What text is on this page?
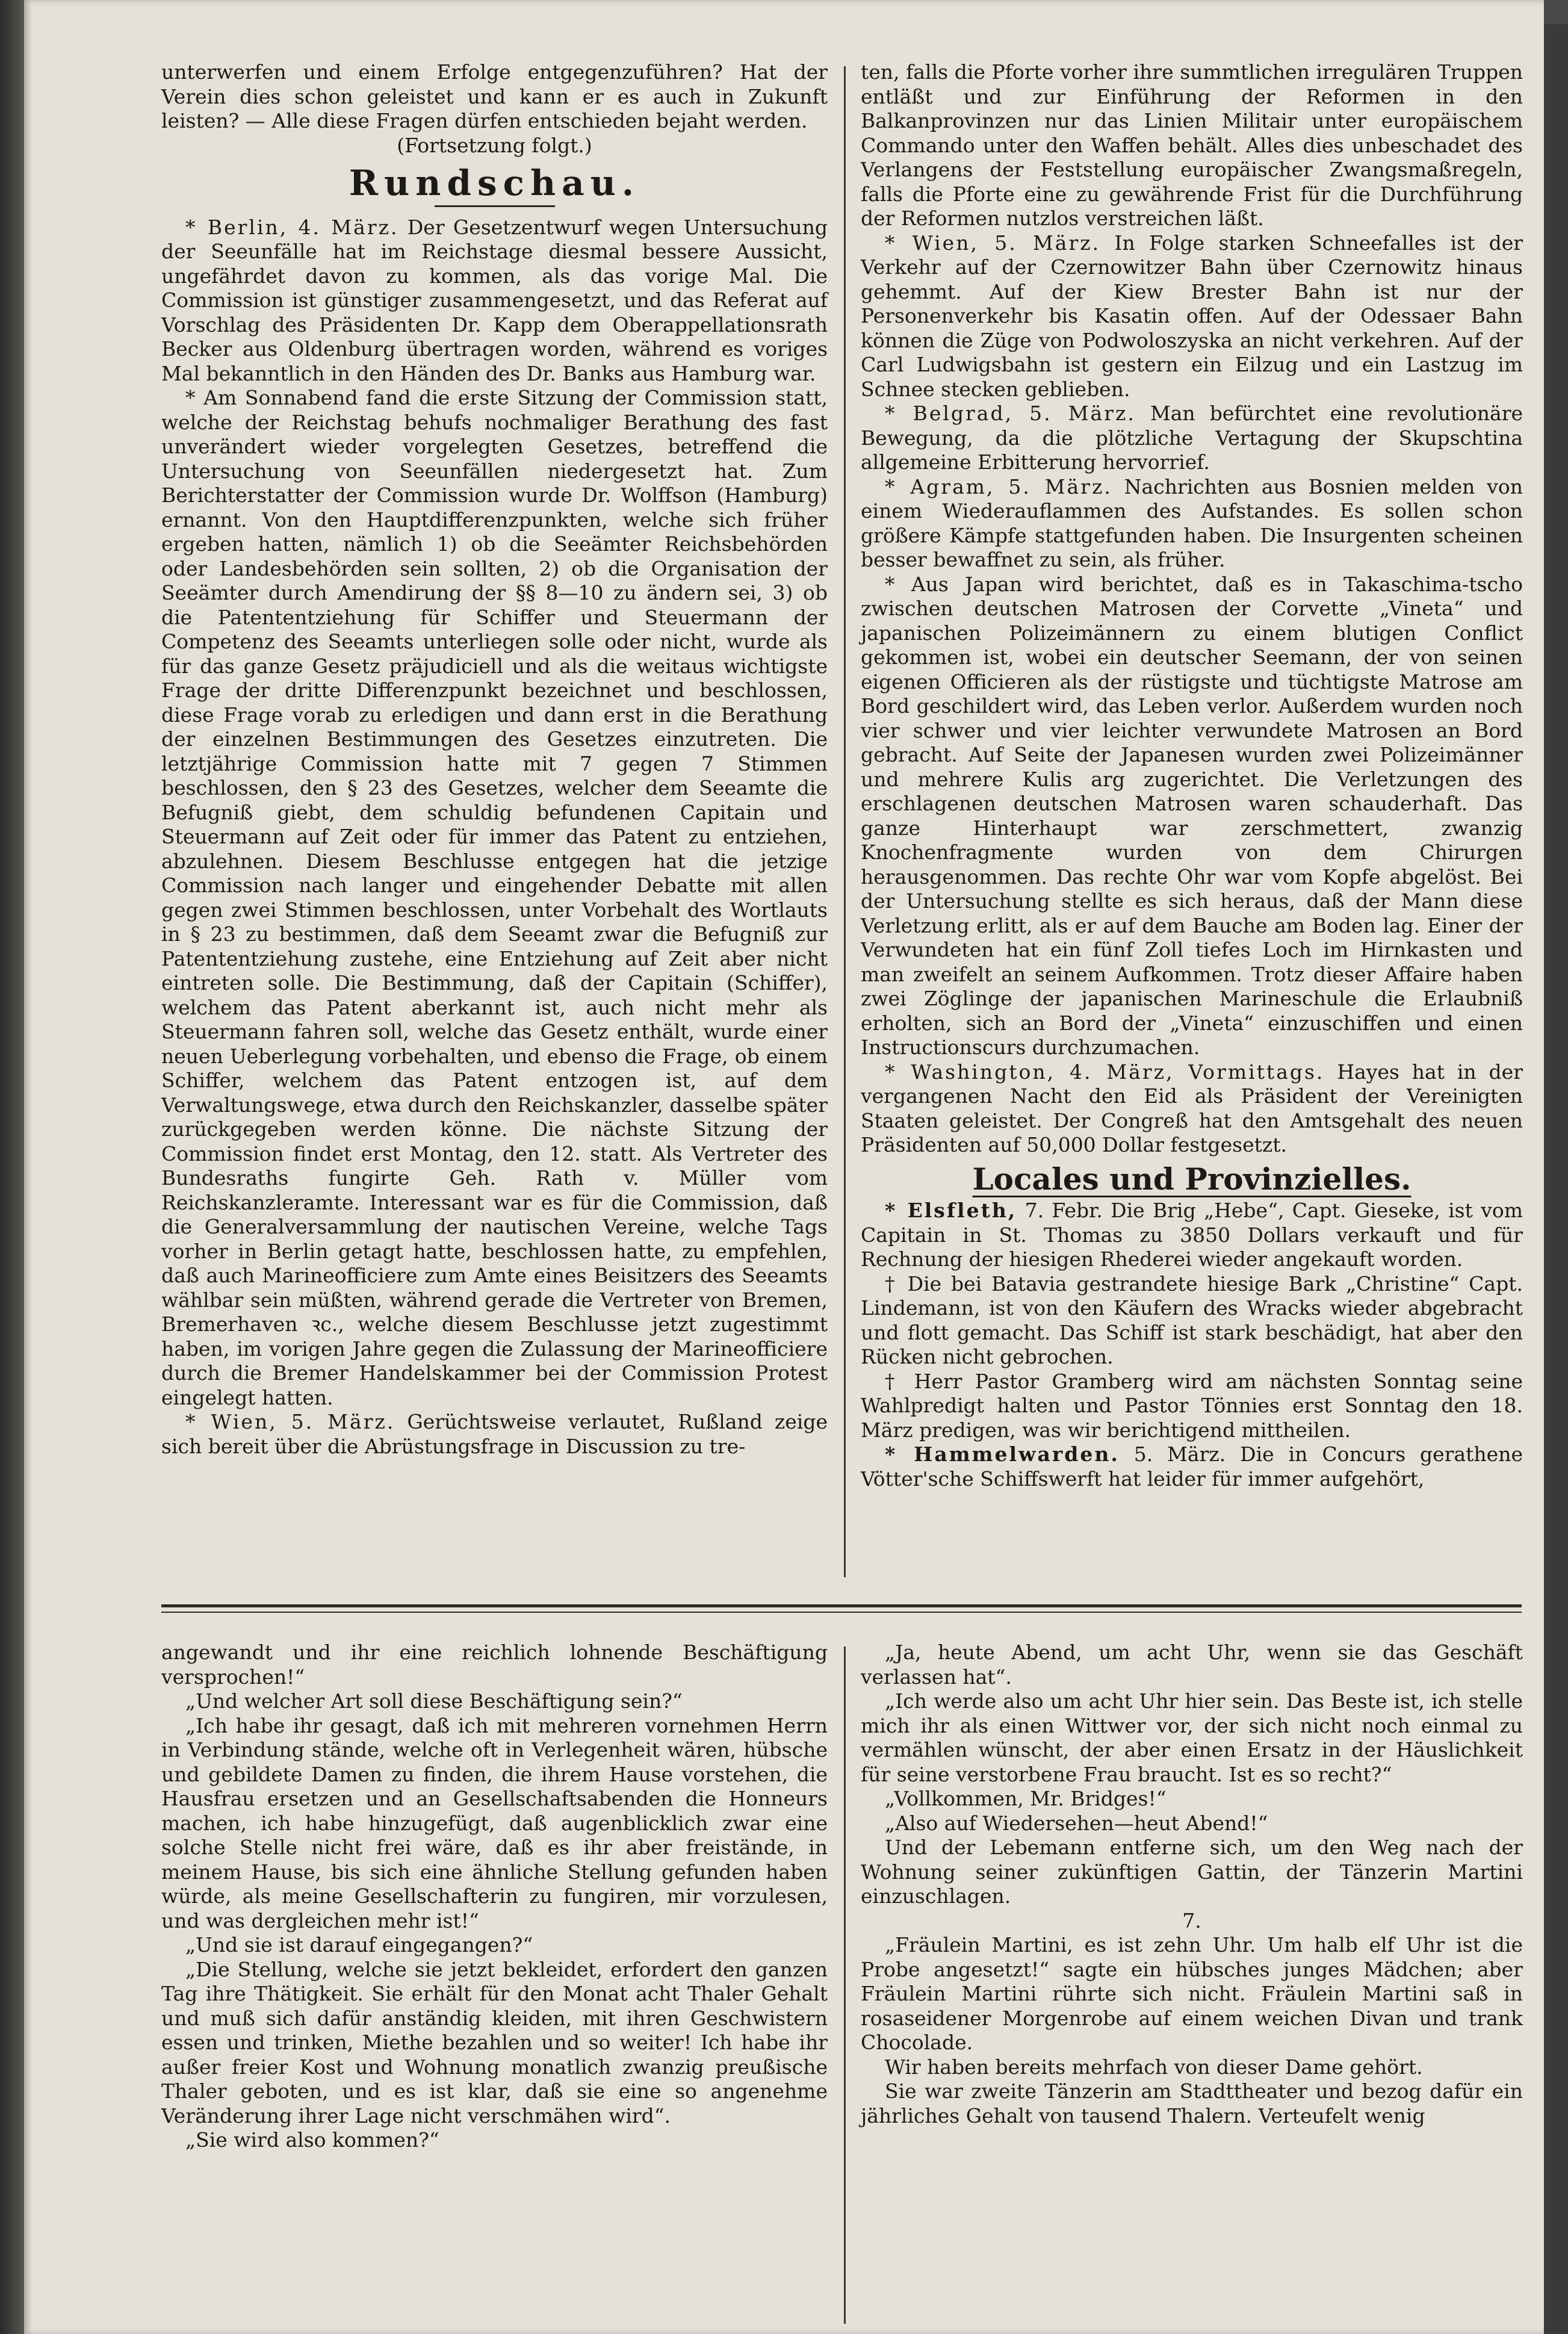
unterwerfen und einem Erfolge entgegenzuführen? Hat der Verein dies schon geleistet und kann er es auch in Zukunft leisten? — Alle diese Fragen dürfen entschieden bejaht werden.

(Fortsetzung folgt.)

Rundschau.

* Berlin, 4. März. Der Gesetzentwurf wegen Untersuchung der Seeunfälle hat im Reichstage diesmal bessere Aussicht, ungefährdet davon zu kommen, als das vorige Mal. Die Commission ist günstiger zusammengesetzt, und das Referat auf Vorschlag des Präsidenten Dr. Kapp dem Oberappellationsrath Becker aus Oldenburg übertragen worden, während es voriges Mal bekanntlich in den Händen des Dr. Banks aus Hamburg war.

* Am Sonnabend fand die erste Sitzung der Commission statt, welche der Reichstag behufs nochmaliger Berathung des fast unverändert wieder vorgelegten Gesetzes, betreffend die Untersuchung von Seeunfällen niedergesetzt hat. Zum Berichterstatter der Commission wurde Dr. Wolffson (Hamburg) ernannt. Von den Hauptdifferenzpunkten, welche sich früher ergeben hatten, nämlich 1) ob die Seeämter Reichsbehörden oder Landesbehörden sein sollten, 2) ob die Organisation der Seeämter durch Amendirung der §§ 8—10 zu ändern sei, 3) ob die Patententziehung für Schiffer und Steuermann der Competenz des Seeamts unterliegen solle oder nicht, wurde als für das ganze Gesetz präjudiciell und als die weitaus wichtigste Frage der dritte Differenzpunkt bezeichnet und beschlossen, diese Frage vorab zu erledigen und dann erst in die Berathung der einzelnen Bestimmungen des Gesetzes einzutreten. Die letztjährige Commission hatte mit 7 gegen 7 Stimmen beschlossen, den § 23 des Gesetzes, welcher dem Seeamte die Befugniß giebt, dem schuldig befundenen Capitain und Steuermann auf Zeit oder für immer das Patent zu entziehen, abzulehnen. Diesem Beschlusse entgegen hat die jetzige Commission nach langer und eingehender Debatte mit allen gegen zwei Stimmen beschlossen, unter Vorbehalt des Wortlauts in § 23 zu bestimmen, daß dem Seeamt zwar die Befugniß zur Patententziehung zustehe, eine Entziehung auf Zeit aber nicht eintreten solle. Die Bestimmung, daß der Capitain (Schiffer), welchem das Patent aberkannt ist, auch nicht mehr als Steuermann fahren soll, welche das Gesetz enthält, wurde einer neuen Ueberlegung vorbehalten, und ebenso die Frage, ob einem Schiffer, welchem das Patent entzogen ist, auf dem Verwaltungswege, etwa durch den Reichskanzler, dasselbe später zurückgegeben werden könne. Die nächste Sitzung der Commission findet erst Montag, den 12. statt. Als Vertreter des Bundesraths fungirte Geh. Rath v. Müller vom Reichskanzleramte. Interessant war es für die Commission, daß die Generalversammlung der nautischen Vereine, welche Tags vorher in Berlin getagt hatte, beschlossen hatte, zu empfehlen, daß auch Marineofficiere zum Amte eines Beisitzers des Seeamts wählbar sein müßten, während gerade die Vertreter von Bremen, Bremerhaven ꝛc., welche diesem Beschlusse jetzt zugestimmt haben, im vorigen Jahre gegen die Zulassung der Marineofficiere durch die Bremer Handelskammer bei der Commission Protest eingelegt hatten.

* Wien, 5. März. Gerüchtsweise verlautet, Rußland zeige sich bereit über die Abrüstungsfrage in Discussion zu tre-

ten, falls die Pforte vorher ihre summtlichen irregulären Truppen entläßt und zur Einführung der Reformen in den Balkanprovinzen nur das Linien Militair unter europäischem Commando unter den Waffen behält. Alles dies unbeschadet des Verlangens der Feststellung europäischer Zwangsmaßregeln, falls die Pforte eine zu gewährende Frist für die Durchführung der Reformen nutzlos verstreichen läßt.

* Wien, 5. März. In Folge starken Schneefalles ist der Verkehr auf der Czernowitzer Bahn über Czernowitz hinaus gehemmt. Auf der Kiew Brester Bahn ist nur der Personenverkehr bis Kasatin offen. Auf der Odessaer Bahn können die Züge von Podwoloszyska an nicht verkehren. Auf der Carl Ludwigsbahn ist gestern ein Eilzug und ein Lastzug im Schnee stecken geblieben.

* Belgrad, 5. März. Man befürchtet eine revolutionäre Bewegung, da die plötzliche Vertagung der Skupschtina allgemeine Erbitterung hervorrief.

* Agram, 5. März. Nachrichten aus Bosnien melden von einem Wiederauflammen des Aufstandes. Es sollen schon größere Kämpfe stattgefunden haben. Die Insurgenten scheinen besser bewaffnet zu sein, als früher.

* Aus Japan wird berichtet, daß es in Takaschima-tscho zwischen deutschen Matrosen der Corvette „Vineta“ und japanischen Polizeimännern zu einem blutigen Conflict gekommen ist, wobei ein deutscher Seemann, der von seinen eigenen Officieren als der rüstigste und tüchtigste Matrose am Bord geschildert wird, das Leben verlor. Außerdem wurden noch vier schwer und vier leichter verwundete Matrosen an Bord gebracht. Auf Seite der Japanesen wurden zwei Polizeimänner und mehrere Kulis arg zugerichtet. Die Verletzungen des erschlagenen deutschen Matrosen waren schauderhaft. Das ganze Hinterhaupt war zerschmettert, zwanzig Knochenfragmente wurden von dem Chirurgen herausgenommen. Das rechte Ohr war vom Kopfe abgelöst. Bei der Untersuchung stellte es sich heraus, daß der Mann diese Verletzung erlitt, als er auf dem Bauche am Boden lag. Einer der Verwundeten hat ein fünf Zoll tiefes Loch im Hirnkasten und man zweifelt an seinem Aufkommen. Trotz dieser Affaire haben zwei Zöglinge der japanischen Marineschule die Erlaubniß erholten, sich an Bord der „Vineta“ einzuschiffen und einen Instructionscurs durchzumachen.

* Washington, 4. März, Vormittags. Hayes hat in der vergangenen Nacht den Eid als Präsident der Vereinigten Staaten geleistet. Der Congreß hat den Amtsgehalt des neuen Präsidenten auf 50,000 Dollar festgesetzt.

Locales und Provinzielles.

* Elsfleth, 7. Febr. Die Brig „Hebe“, Capt. Gieseke, ist vom Capitain in St. Thomas zu 3850 Dollars verkauft und für Rechnung der hiesigen Rhederei wieder angekauft worden.

† Die bei Batavia gestrandete hiesige Bark „Christine“ Capt. Lindemann, ist von den Käufern des Wracks wieder abgebracht und flott gemacht. Das Schiff ist stark beschädigt, hat aber den Rücken nicht gebrochen.

† Herr Pastor Gramberg wird am nächsten Sonntag seine Wahlpredigt halten und Pastor Tönnies erst Sonntag den 18. März predigen, was wir berichtigend mittheilen.

* Hammelwarden. 5. März. Die in Concurs gerathene Vötter'sche Schiffswerft hat leider für immer aufgehört,

angewandt und ihr eine reichlich lohnende Beschäftigung versprochen!“

„Und welcher Art soll diese Beschäftigung sein?“

„Ich habe ihr gesagt, daß ich mit mehreren vornehmen Herrn in Verbindung stände, welche oft in Verlegenheit wären, hübsche und gebildete Damen zu finden, die ihrem Hause vorstehen, die Hausfrau ersetzen und an Gesellschaftsabenden die Honneurs machen, ich habe hinzugefügt, daß augenblicklich zwar eine solche Stelle nicht frei wäre, daß es ihr aber freistände, in meinem Hause, bis sich eine ähnliche Stellung gefunden haben würde, als meine Gesellschafterin zu fungiren, mir vorzulesen, und was dergleichen mehr ist!“

„Und sie ist darauf eingegangen?“

„Die Stellung, welche sie jetzt bekleidet, erfordert den ganzen Tag ihre Thätigkeit. Sie erhält für den Monat acht Thaler Gehalt und muß sich dafür anständig kleiden, mit ihren Geschwistern essen und trinken, Miethe bezahlen und so weiter! Ich habe ihr außer freier Kost und Wohnung monatlich zwanzig preußische Thaler geboten, und es ist klar, daß sie eine so angenehme Veränderung ihrer Lage nicht verschmähen wird“.

„Sie wird also kommen?“

„Ja, heute Abend, um acht Uhr, wenn sie das Geschäft verlassen hat“.

„Ich werde also um acht Uhr hier sein. Das Beste ist, ich stelle mich ihr als einen Wittwer vor, der sich nicht noch einmal zu vermählen wünscht, der aber einen Ersatz in der Häuslichkeit für seine verstorbene Frau braucht. Ist es so recht?“

„Vollkommen, Mr. Bridges!“

„Also auf Wiedersehen—heut Abend!“

Und der Lebemann entferne sich, um den Weg nach der Wohnung seiner zukünftigen Gattin, der Tänzerin Martini einzuschlagen.

7.

„Fräulein Martini, es ist zehn Uhr. Um halb elf Uhr ist die Probe angesetzt!“ sagte ein hübsches junges Mädchen; aber Fräulein Martini rührte sich nicht. Fräulein Martini saß in rosaseidener Morgenrobe auf einem weichen Divan und trank Chocolade.

Wir haben bereits mehrfach von dieser Dame gehört.

Sie war zweite Tänzerin am Stadttheater und bezog dafür ein jährliches Gehalt von tausend Thalern. Verteufelt wenig
